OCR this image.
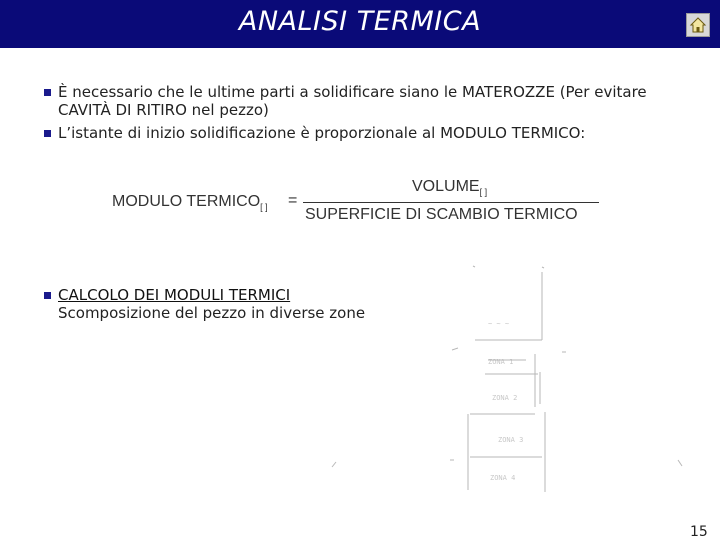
ANALISI TERMICA
È necessario che le ultime parti a solidificare siano le MATEROZZE (Per evitare CAVITÀ DI RITIRO nel pezzo)
L’istante di inizio solidificazione è proporzionale al MODULO TERMICO:
MODULO $TERMICO_{[ ]}$ =
$VOLUME_{[ ]}$
SUPERFICIE DI SCAMBIO TERMICO
CALCOLO DEI MODULI TERMICI
Scomposizione del pezzo in diverse zone
~ ~ ~
ZONA 1
ZONA 2
ZONA 3
ZONA 4
15
